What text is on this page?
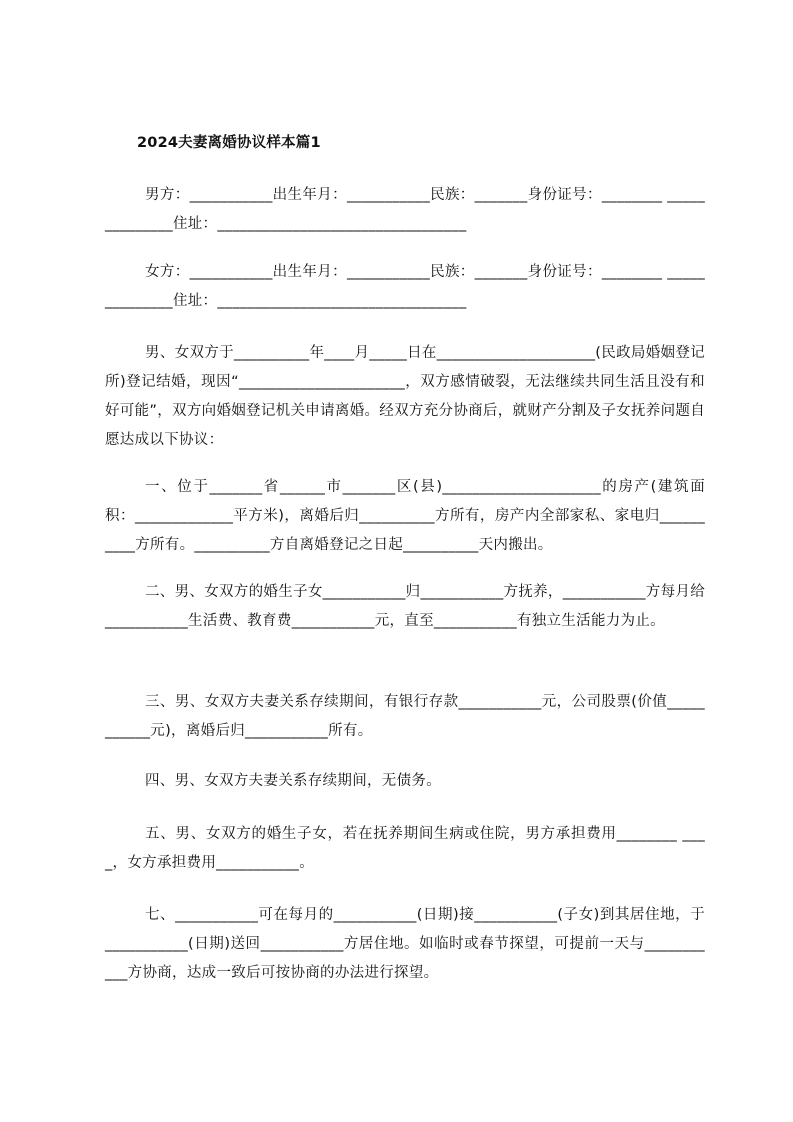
2024夫妻离婚协议样本篇1
男方：___________出生年月：___________民族：_______身份证号：________ ______________住址：_________________________________
女方：___________出生年月：___________民族：_______身份证号：________ ______________住址：_________________________________
男、女双方于__________年____月_____日在_____________________(民政局婚姻登记所)登记结婚，现因“______________________，双方感情破裂，无法继续共同生活且没有和好可能”，双方向婚姻登记机关申请离婚。经双方充分协商后，就财产分割及子女抚养问题自愿达成以下协议：
一、位于_______省______市_______区(县)_____________________的房产(建筑面积：_____________平方米)，离婚后归__________方所有，房产内全部家私、家电归__________方所有。__________方自离婚登记之日起__________天内搬出。
二、男、女双方的婚生子女___________归___________方抚养，___________方每月给___________生活费、教育费___________元，直至___________有独立生活能力为止。
三、男、女双方夫妻关系存续期间，有银行存款___________元，公司股票(价值___________元)，离婚后归___________所有。
四、男、女双方夫妻关系存续期间，无债务。
五、男、女双方的婚生子女，若在抚养期间生病或住院，男方承担费用________ ____，女方承担费用___________。
七、___________可在每月的___________(日期)接___________(子女)到其居住地，于___________(日期)送回___________方居住地。如临时或春节探望，可提前一天与___________方协商，达成一致后可按协商的办法进行探望。
